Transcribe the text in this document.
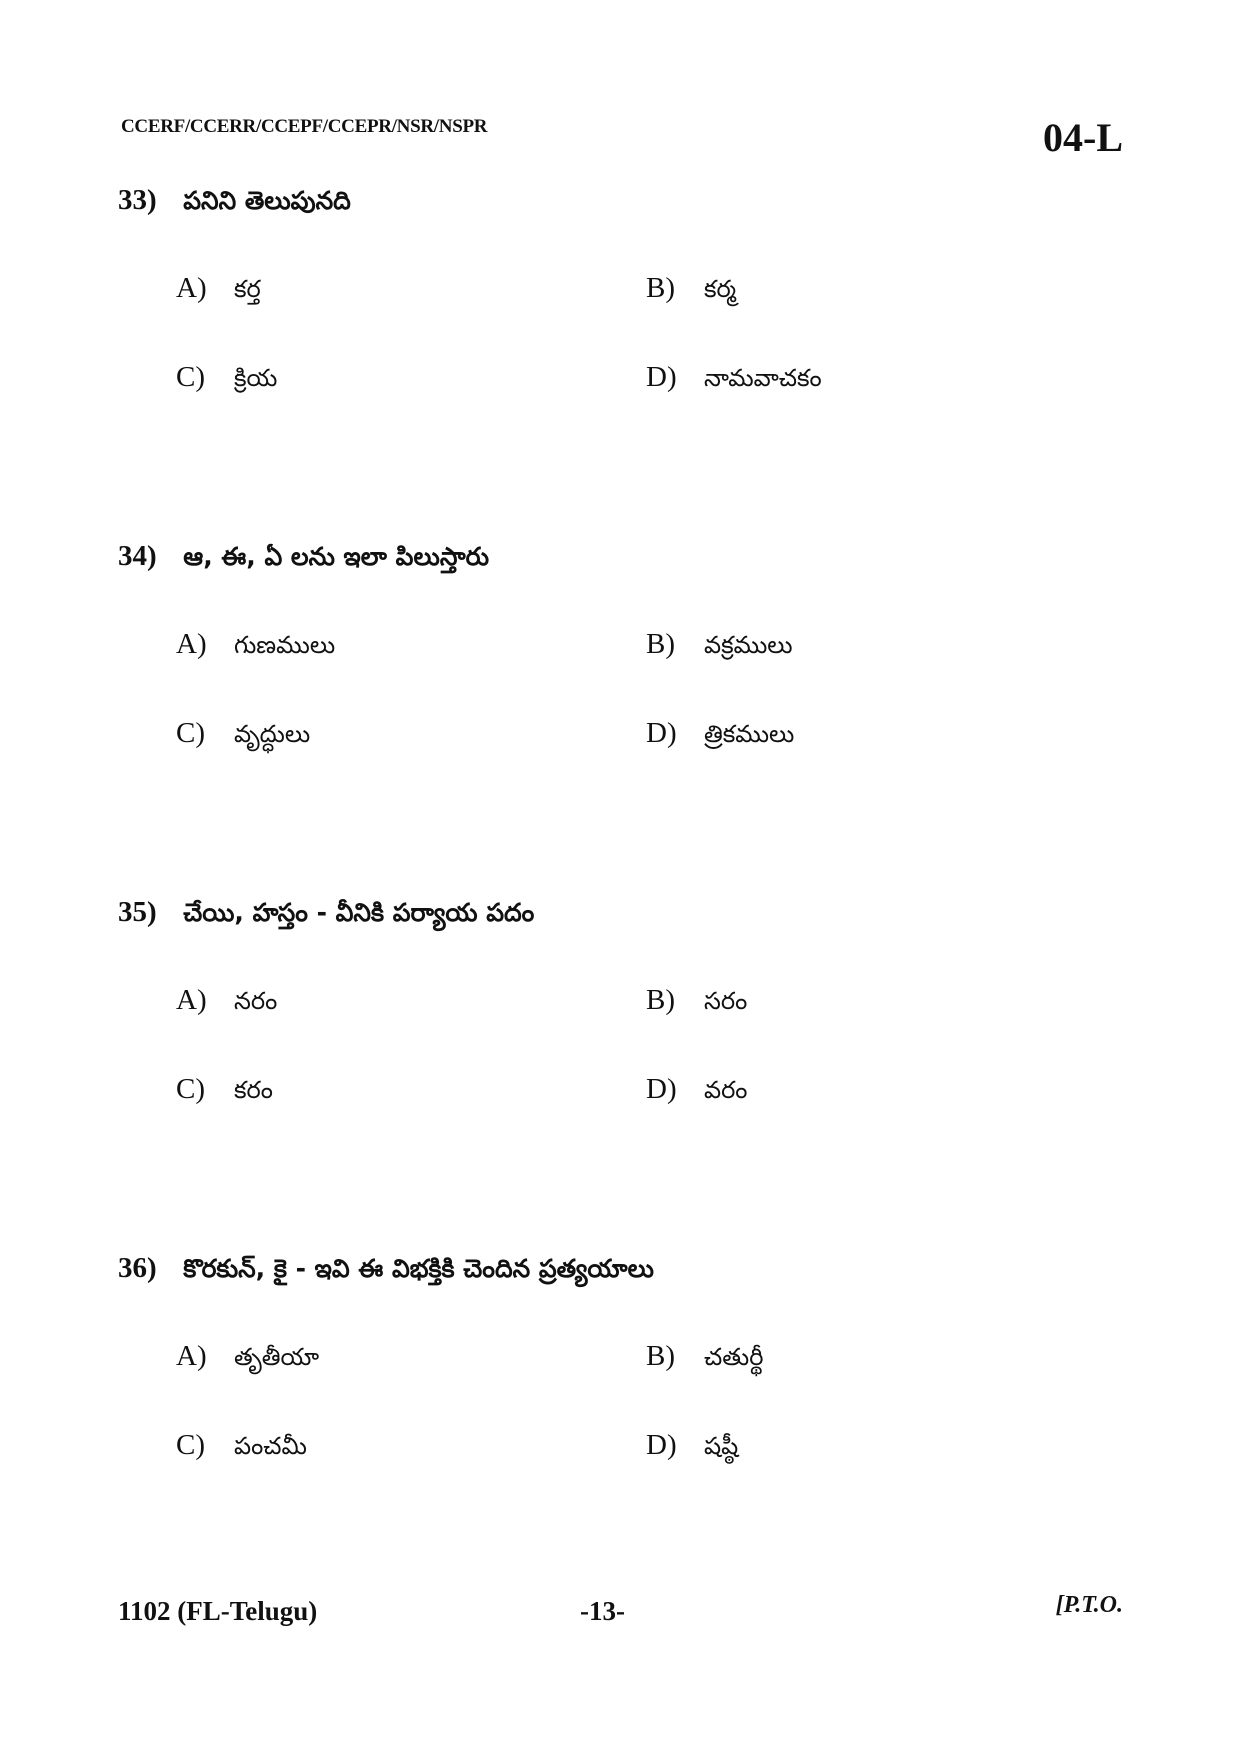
CCERF/CCERR/CCEPF/CCEPR/NSR/NSPR	04-L
33) పనిని తెలుపునది
A) కర్త	B) కర్మ
C) క్రియ	D) నామవాచకం
34) ఆ, ఈ, ఏ లను ఇలా పిలుస్తారు
A) గుణములు	B) వక్రములు
C) వృద్ధులు	D) త్రికములు
35) చేయి, హస్తం - వీనికి పర్యాయ పదం
A) నరం	B) సరం
C) కరం	D) వరం
36) కొరకున్, కై - ఇవి ఈ విభక్తికి చెందిన ప్రత్యయాలు
A) తృతీయా	B) చతుర్థీ
C) పంచమీ	D) షష్ఠీ
1102 (FL-Telugu)	-13-	[P.T.O.
